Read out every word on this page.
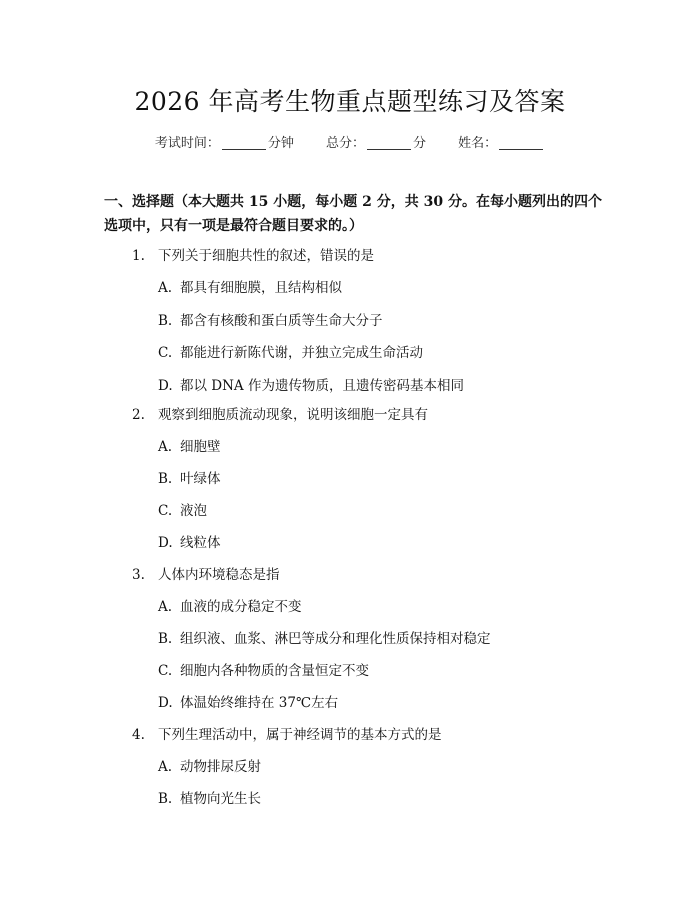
2026 年高考生物重点题型练习及答案
考试时间：	分钟 总分：	分 姓名：
一、选择题（本大题共 15 小题，每小题 2 分，共 30 分。在每小题列出的四个选项中，只有一项是最符合题目要求的。）
1. 下列关于细胞共性的叙述，错误的是
A. 都具有细胞膜，且结构相似
B. 都含有核酸和蛋白质等生命大分子
C. 都能进行新陈代谢，并独立完成生命活动
D. 都以 DNA 作为遗传物质，且遗传密码基本相同
2. 观察到细胞质流动现象，说明该细胞一定具有
A. 细胞壁
B. 叶绿体
C. 液泡
D. 线粒体
3. 人体内环境稳态是指
A. 血液的成分稳定不变
B. 组织液、血浆、淋巴等成分和理化性质保持相对稳定
C. 细胞内各种物质的含量恒定不变
D. 体温始终维持在 37℃左右
4. 下列生理活动中，属于神经调节的基本方式的是
A. 动物排尿反射
B. 植物向光生长
